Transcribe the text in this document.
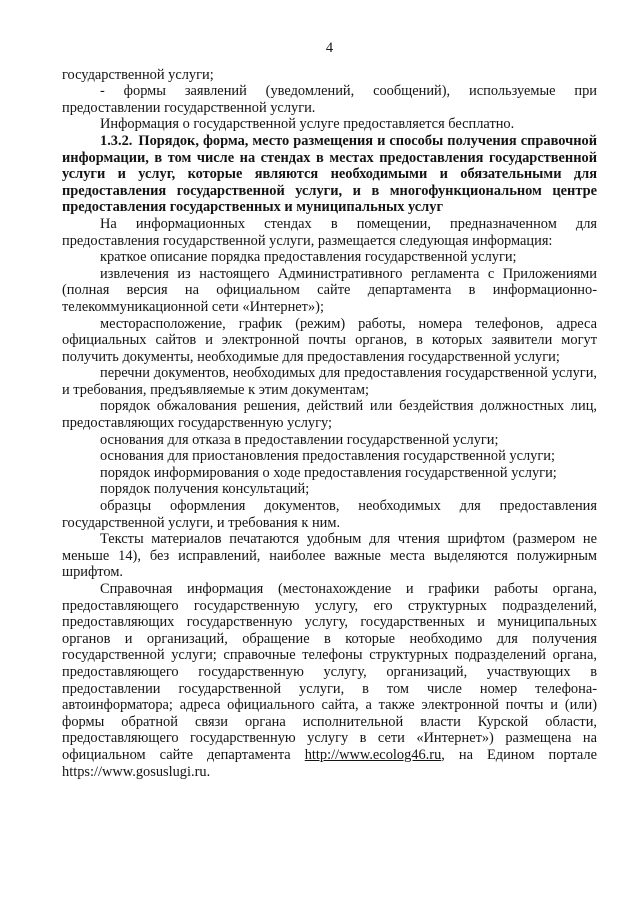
4

государственной услуги;

- формы заявлений (уведомлений, сообщений), используемые при предоставлении государственной услуги.

Информация о государственной услуге предоставляется бесплатно.

1.3.2. Порядок, форма, место размещения и способы получения справочной информации, в том числе на стендах в местах предоставления государственной услуги и услуг, которые являются необходимыми и обязательными для предоставления государственной услуги, и в многофункциональном центре предоставления государственных и муниципальных услуг

На информационных стендах в помещении, предназначенном для предоставления государственной услуги, размещается следующая информация:

краткое описание порядка предоставления государственной услуги;

извлечения из настоящего Административного регламента с Приложениями (полная версия на официальном сайте департамента в информационно-телекоммуникационной сети «Интернет»);

месторасположение, график (режим) работы, номера телефонов, адреса официальных сайтов и электронной почты органов, в которых заявители могут получить документы, необходимые для предоставления государственной услуги;

перечни документов, необходимых для предоставления государственной услуги, и требования, предъявляемые к этим документам;

порядок обжалования решения, действий или бездействия должностных лиц, предоставляющих государственную услугу;

основания для отказа в предоставлении государственной услуги;

основания для приостановления предоставления государственной услуги;

порядок информирования о ходе предоставления государственной услуги;

порядок получения консультаций;

образцы оформления документов, необходимых для предоставления государственной услуги, и требования к ним.

Тексты материалов печатаются удобным для чтения шрифтом (размером не меньше 14), без исправлений, наиболее важные места выделяются полужирным шрифтом.

Справочная информация (местонахождение и графики работы органа, предоставляющего государственную услугу, его структурных подразделений, предоставляющих государственную услугу, государственных и муниципальных органов и организаций, обращение в которые необходимо для получения государственной услуги; справочные телефоны структурных подразделений органа, предоставляющего государственную услугу, организаций, участвующих в предоставлении государственной услуги, в том числе номер телефона-автоинформатора; адреса официального сайта, а также электронной почты и (или) формы обратной связи органа исполнительной власти Курской области, предоставляющего государственную услугу в сети «Интернет») размещена на официальном сайте департамента http://www.ecolog46.ru, на Едином портале https://www.gosuslugi.ru.
